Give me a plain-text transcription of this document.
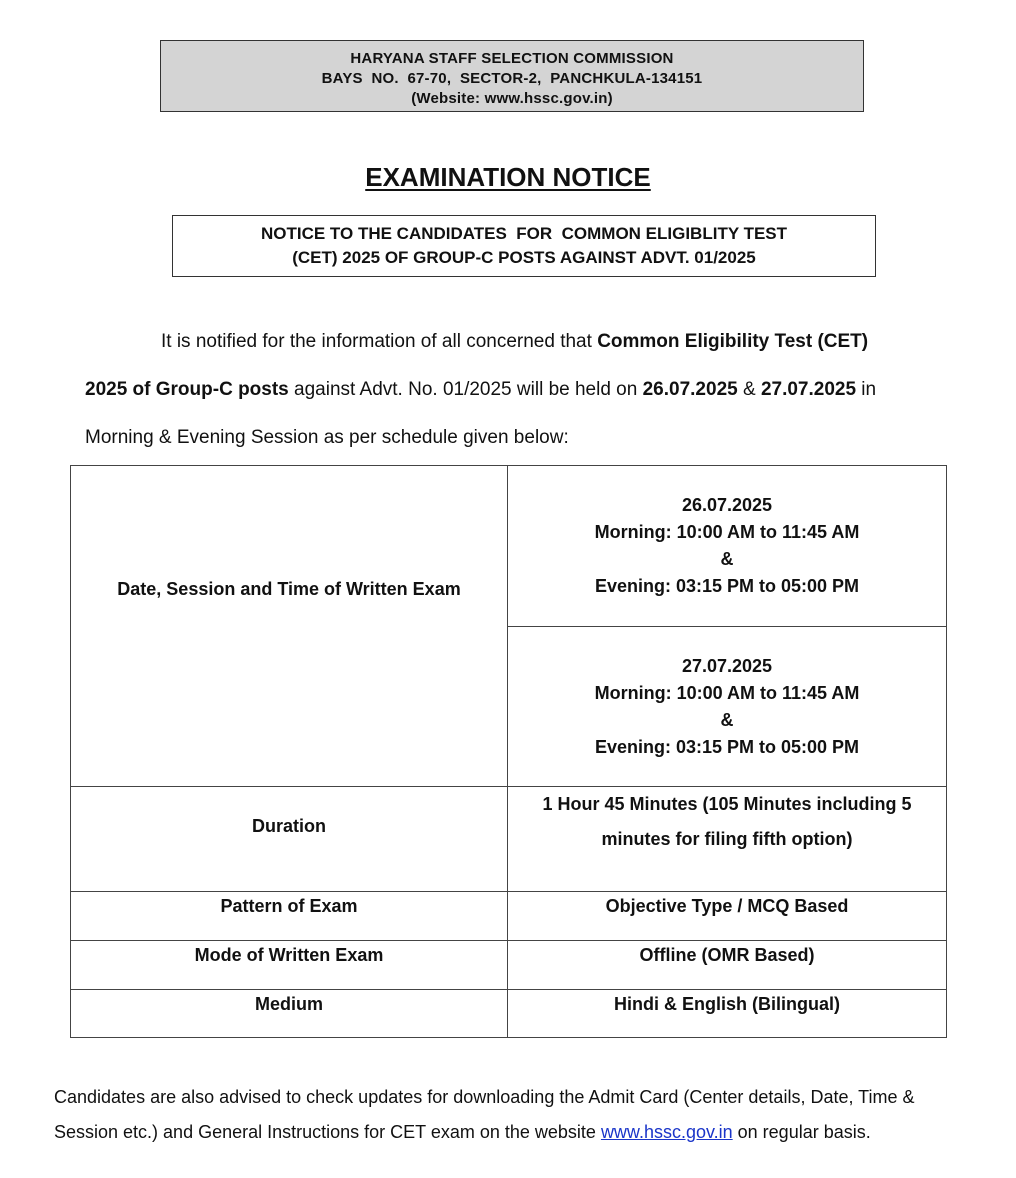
HARYANA STAFF SELECTION COMMISSION
BAYS  NO.  67-70,  SECTOR-2,  PANCHKULA-134151
(Website: www.hssc.gov.in)
EXAMINATION NOTICE
NOTICE TO THE CANDIDATES  FOR  COMMON ELIGIBLITY TEST
(CET) 2025 OF GROUP-C POSTS AGAINST ADVT. 01/2025
It is notified for the information of all concerned that Common Eligibility Test (CET) 2025 of Group-C posts against Advt. No. 01/2025 will be held on 26.07.2025 & 27.07.2025 in Morning & Evening Session as per schedule given below:
Date, Session and Time of Written Exam	26.07.2025
Morning: 10:00 AM to 11:45 AM
&
Evening: 03:15 PM to 05:00 PM

	27.07.2025
Morning: 10:00 AM to 11:45 AM
&
Evening: 03:15 PM to 05:00 PM

Duration	1 Hour 45 Minutes (105 Minutes including 5 minutes for filing fifth option)
Pattern of Exam	Objective Type / MCQ Based
Mode of Written Exam	Offline (OMR Based)
Medium	Hindi & English (Bilingual)
Candidates are also advised to check updates for downloading the Admit Card (Center details, Date, Time & Session etc.) and General Instructions for CET exam on the website www.hssc.gov.in on regular basis.
